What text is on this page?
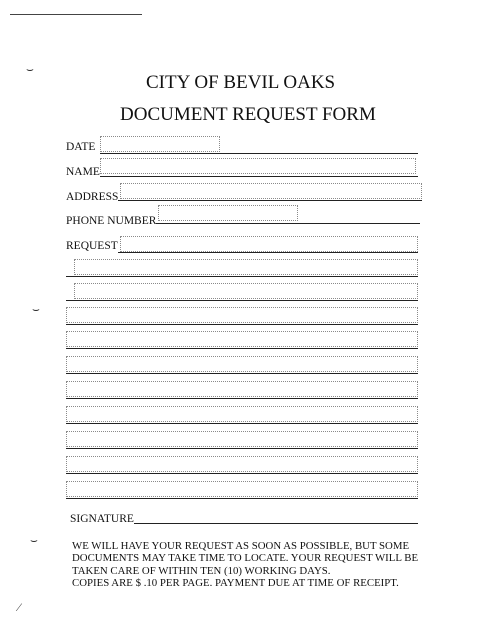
⌣
⌣
⌣
⁄
CITY OF BEVIL OAKS
DOCUMENT REQUEST FORM
DATE
NAME
ADDRESS
PHONE NUMBER
REQUEST
SIGNATURE
WE WILL HAVE YOUR REQUEST AS SOON AS POSSIBLE, BUT SOME
DOCUMENTS MAY TAKE TIME TO LOCATE. YOUR REQUEST WILL BE
TAKEN CARE OF WITHIN TEN (10) WORKING DAYS.
COPIES ARE $ .10 PER PAGE. PAYMENT DUE AT TIME OF RECEIPT.
